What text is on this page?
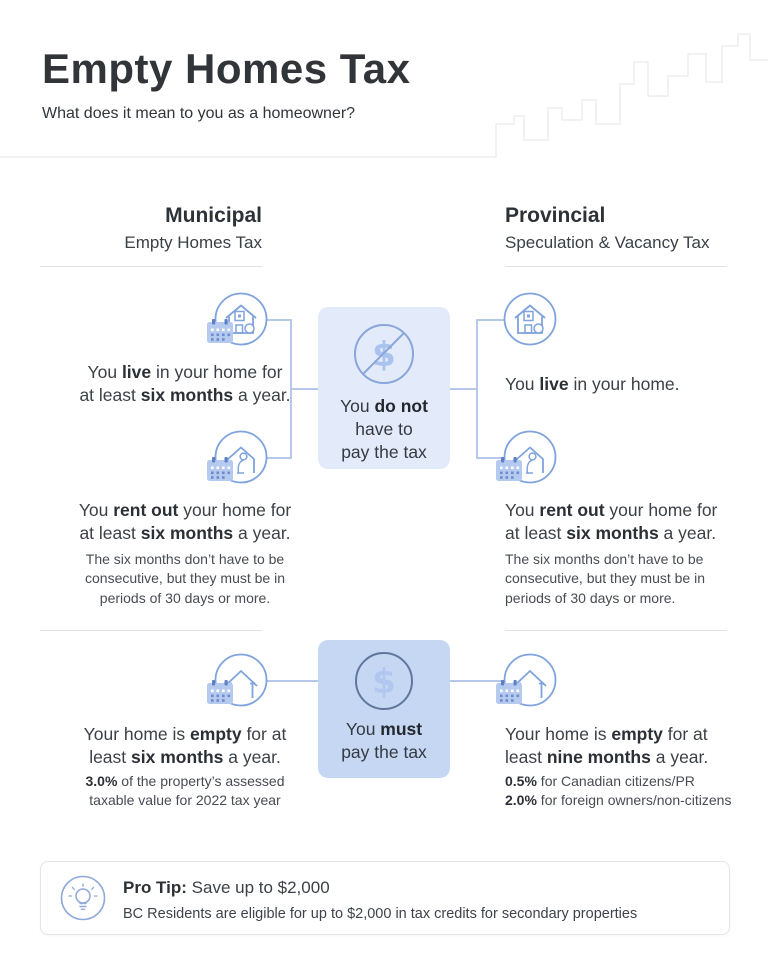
Empty Homes Tax
What does it mean to you as a homeowner?
Municipal
Empty Homes Tax
Provincial
Speculation & Vacancy Tax
You live in your home for
at least six months a year.
You live in your home.
$
You do not
have to
pay the tax
You rent out your home for
at least six months a year.
The six months don’t have to be
consecutive, but they must be in
periods of 30 days or more.
You rent out your home for
at least six months a year.
The six months don’t have to be
consecutive, but they must be in
periods of 30 days or more.
$
You must
pay the tax
Your home is empty for at
least six months a year.
3.0% of the property’s assessed
taxable value for 2022 tax year
Your home is empty for at
least nine months a year.
0.5% for Canadian citizens/PR
2.0% for foreign owners/non-citizens
Pro Tip: Save up to $2,000
BC Residents are eligible for up to $2,000 in tax credits for secondary properties
